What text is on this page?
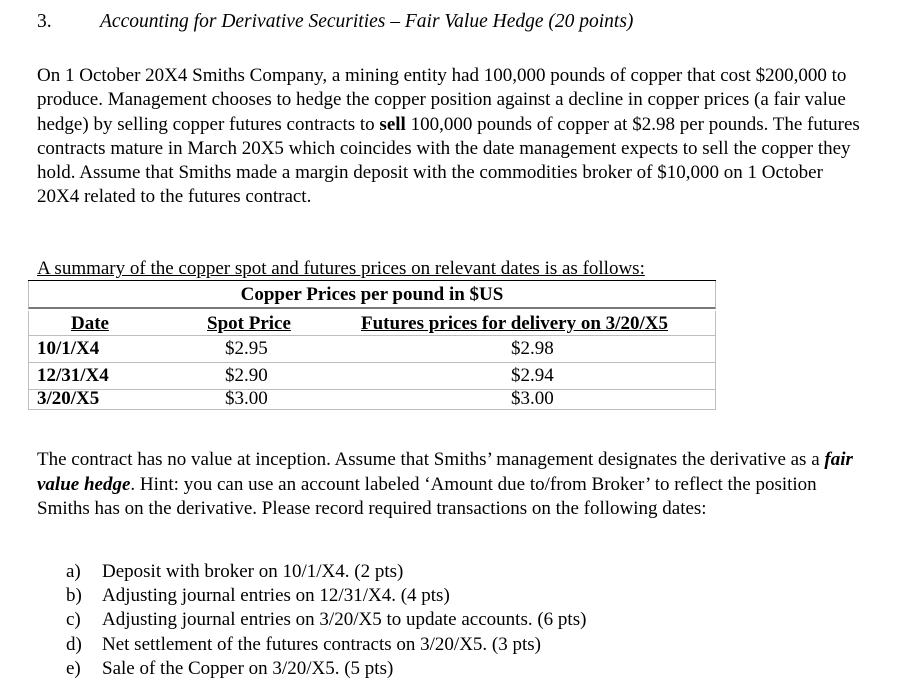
3. Accounting for Derivative Securities – Fair Value Hedge (20 points)
On 1 October 20X4 Smiths Company, a mining entity had 100,000 pounds of copper that cost $200,000 to produce. Management chooses to hedge the copper position against a decline in copper prices (a fair value hedge) by selling copper futures contracts to sell 100,000 pounds of copper at $2.98 per pounds. The futures contracts mature in March 20X5 which coincides with the date management expects to sell the copper they hold. Assume that Smiths made a margin deposit with the commodities broker of $10,000 on 1 October 20X4 related to the futures contract.
A summary of the copper spot and futures prices on relevant dates is as follows:
Copper Prices per pound in $US
Date	Spot Price	Futures prices for delivery on 3/20/X5
10/1/X4	$2.95	$2.98
12/31/X4	$2.90	$2.94
3/20/X5	$3.00	$3.00
The contract has no value at inception. Assume that Smiths’ management designates the derivative as a fair value hedge. Hint: you can use an account labeled ‘Amount due to/from Broker’ to reflect the position Smiths has on the derivative. Please record required transactions on the following dates:
a) Deposit with broker on 10/1/X4. (2 pts)
b) Adjusting journal entries on 12/31/X4. (4 pts)
c) Adjusting journal entries on 3/20/X5 to update accounts. (6 pts)
d) Net settlement of the futures contracts on 3/20/X5. (3 pts)
e) Sale of the Copper on 3/20/X5. (5 pts)
